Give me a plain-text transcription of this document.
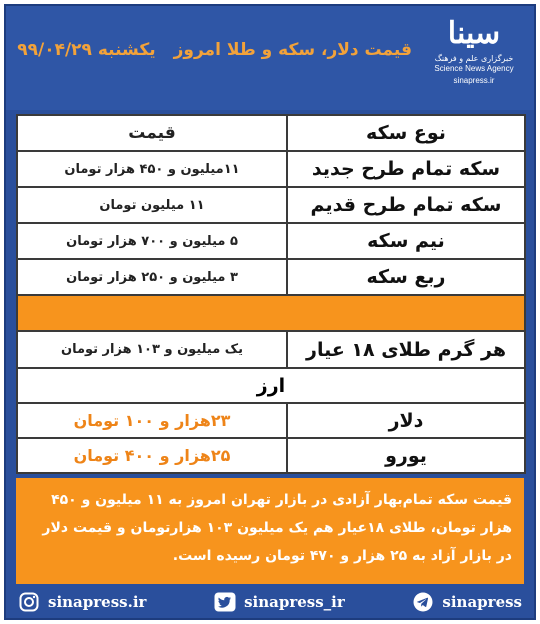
قیمت دلار، سکه و طلا امروزیکشنبه ۹۹/۰۴/۲۹	سینا
خبرگزاری علم و فرهنگ
Science News Agency
sinapress.ir
نوع سکه	قیمت
سکه تمام طرح جدید	۱۱میلیون و ۴۵۰ هزار تومان
سکه تمام طرح قدیم	۱۱ میلیون تومان
نیم سکه	۵ میلیون و ۷۰۰ هزار تومان
ربع سکه	۳ میلیون و ۲۵۰ هزار تومان

هر گرم طلای ۱۸ عیار	یک میلیون و ۱۰۳ هزار تومان
ارز	
دلار	۲۳هزار و ۱۰۰ تومان
یورو	۲۵هزار و ۴۰۰ تومان
قیمت سکه تمام‌بهار آزادی در بازار تهران امروز به ۱۱ میلیون و ۴۵۰ هزار تومان، طلای ۱۸عیار هم یک میلیون ۱۰۳ هزارتومان و قیمت دلار در بازار آزاد به ۲۵ هزار و ۴۷۰ تومان رسیده است.
sinapress.ir	sinapress_ir	sinapress
